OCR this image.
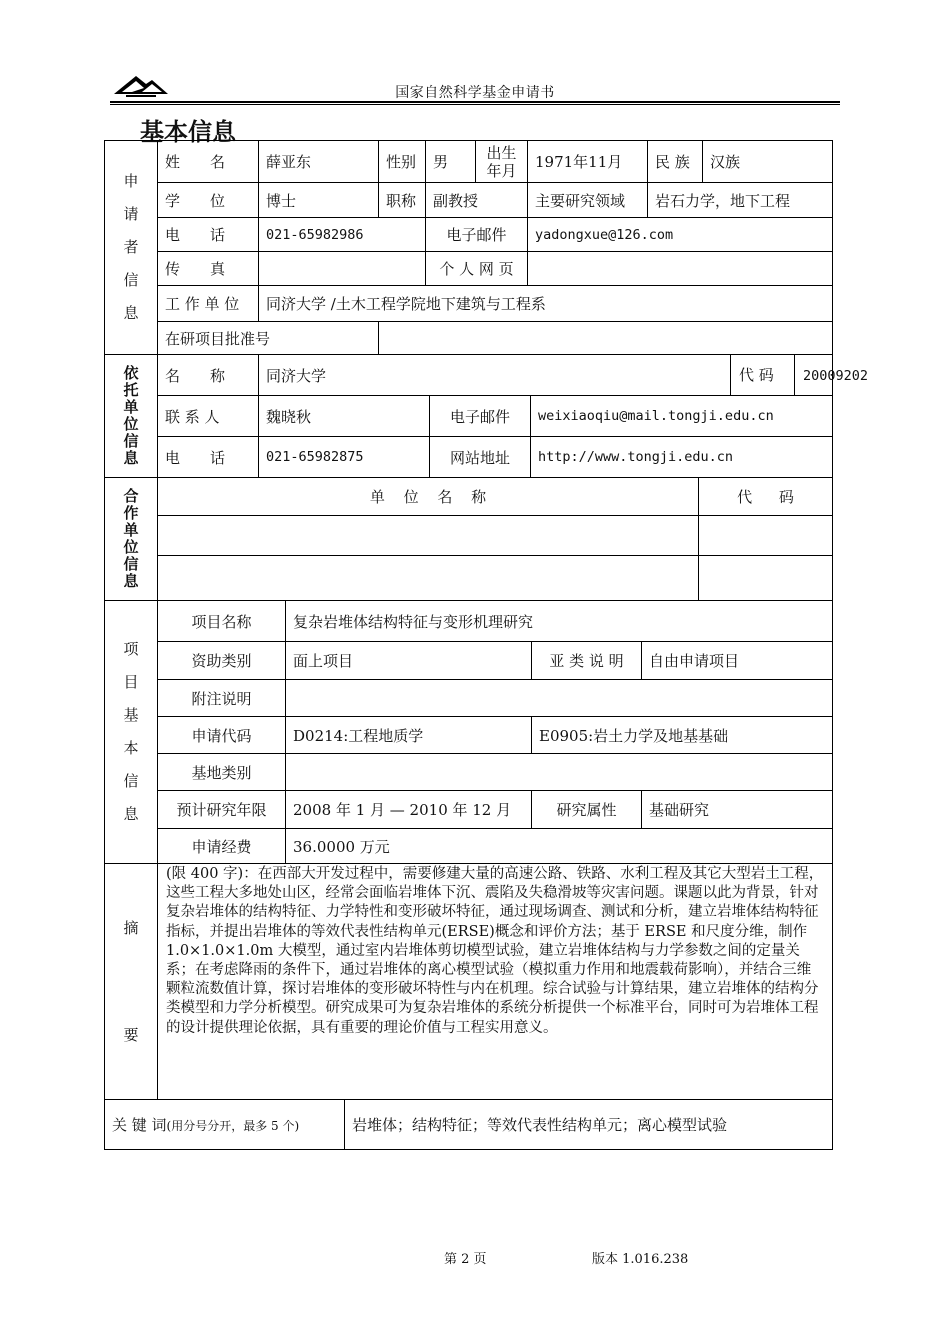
国家自然科学基金申请书
基本信息
申请者信息	姓　　名	薛亚东	性别	男	出生年月	1971年11月	民 族	汉族
	学　　位	博士	职称	副教授		主要研究领域	岩石力学，地下工程	
	电　　话	021-65982986		电子邮件		yadongxue@126.com		
	传　　真			个 人 网 页				
	工 作 单 位	同济大学 /土木工程学院地下建筑与工程系						
	在研项目批准号							
依托单位信息	名　　称	同济大学			代 码 20009202
	联 系 人	魏晓秋	电子邮件	weixiaoqiu@mail.tongji.edu.cn	
	电　　话	021-65982875	网站地址	http://www.tongji.edu.cn	
合作单位信息	单 位 名 称	代 码

项目基本信息	项目名称	复杂岩堆体结构特征与变形机理研究		
	资助类别	面上项目	亚 类 说 明	自由申请项目
	附注说明			
	申请代码	D0214:工程地质学	E0905:岩土力学及地基基础	
	基地类别			
	预计研究年限	2008 年 1 月 — 2010 年 12 月	研究属性	基础研究
	申请经费	36.0000 万元		
摘
要
	(限 400 字)：在西部大开发过程中，需要修建大量的高速公路、铁路、水利工程及其它大型岩土工程，这些工程大多地处山区，经常会面临岩堆体下沉、震陷及失稳滑坡等灾害问题。课题以此为背景，针对复杂岩堆体的结构特征、力学特性和变形破坏特征，通过现场调查、测试和分析，建立岩堆体结构特征指标，并提出岩堆体的等效代表性结构单元(ERSE)概念和评价方法；基于 ERSE 和尺度分维，制作 1.0×1.0×1.0m 大模型，通过室内岩堆体剪切模型试验，建立岩堆体结构与力学参数之间的定量关系；在考虑降雨的条件下，通过岩堆体的离心模型试验（模拟重力作用和地震载荷影响），并结合三维颗粒流数值计算，探讨岩堆体的变形破坏特性与内在机理。综合试验与计算结果，建立岩堆体的结构分类模型和力学分析模型。研究成果可为复杂岩堆体的系统分析提供一个标准平台，同时可为岩堆体工程的设计提供理论依据，具有重要的理论价值与工程实用意义。
关 键 词(用分号分开，最多 5 个)	岩堆体；结构特征；等效代表性结构单元；离心模型试验
第 2 页	版本 1.016.238
